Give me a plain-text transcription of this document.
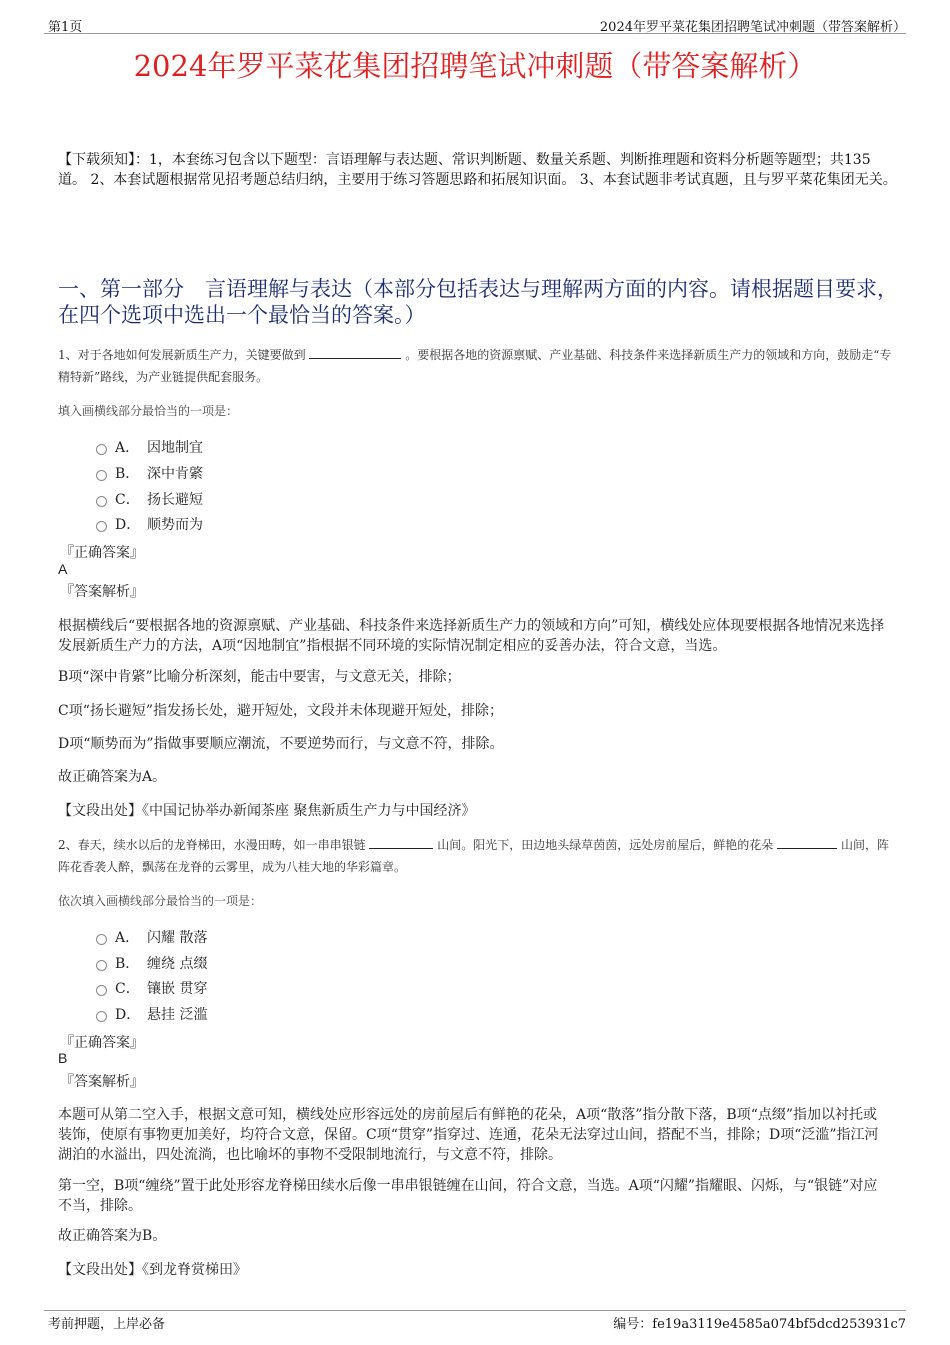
第1页	2024年罗平菜花集团招聘笔试冲刺题（带答案解析）
2024年罗平菜花集团招聘笔试冲刺题（带答案解析）
【下载须知】：1，本套练习包含以下题型：言语理解与表达题、常识判断题、数量关系题、判断推理题和资料分析题等题型；共135道。 2、本套试题根据常见招考题总结归纳，主要用于练习答题思路和拓展知识面。 3、本套试题非考试真题，且与罗平菜花集团无关。
一、第一部分　言语理解与表达（本部分包括表达与理解两方面的内容。请根据题目要求，在四个选项中选出一个最恰当的答案。）
1、对于各地如何发展新质生产力，关键要做到	。要根据各地的资源禀赋、产业基础、科技条件来选择新质生产力的领域和方向，鼓励走“专精特新”路线，为产业链提供配套服务。
填入画横线部分最恰当的一项是：
A． 因地制宜
B． 深中肯綮
C． 扬长避短
D． 顺势而为
『正确答案』
A
『答案解析』
根据横线后“要根据各地的资源禀赋、产业基础、科技条件来选择新质生产力的领域和方向”可知，横线处应体现要根据各地情况来选择发展新质生产力的方法，A项“因地制宜”指根据不同环境的实际情况制定相应的妥善办法，符合文意，当选。
B项“深中肯綮”比喻分析深刻，能击中要害，与文意无关，排除；
C项“扬长避短”指发扬长处，避开短处，文段并未体现避开短处，排除；
D项“顺势而为”指做事要顺应潮流，不要逆势而行，与文意不符，排除。
故正确答案为A。
【文段出处】《中国记协举办新闻茶座 聚焦新质生产力与中国经济》
2、春天，续水以后的龙脊梯田，水漫田畴，如一串串银链	山间。阳光下，田边地头绿草茵茵，远处房前屋后，鲜艳的花朵	山间，阵阵花香袭人醉，飘荡在龙脊的云雾里，成为八桂大地的华彩篇章。
依次填入画横线部分最恰当的一项是：
A． 闪耀 散落
B． 缠绕 点缀
C． 镶嵌 贯穿
D． 悬挂 泛滥
『正确答案』
B
『答案解析』
本题可从第二空入手，根据文意可知，横线处应形容远处的房前屋后有鲜艳的花朵，A项“散落”指分散下落，B项“点缀”指加以衬托或装饰，使原有事物更加美好，均符合文意，保留。C项“贯穿”指穿过、连通，花朵无法穿过山间，搭配不当，排除；D项“泛滥”指江河湖泊的水溢出，四处流淌，也比喻坏的事物不受限制地流行，与文意不符，排除。
第一空，B项“缠绕”置于此处形容龙脊梯田续水后像一串串银链缠在山间，符合文意，当选。A项“闪耀”指耀眼、闪烁，与“银链”对应不当，排除。
故正确答案为B。
【文段出处】《到龙脊赏梯田》
考前押题，上岸必备	编号：fe19a3119e4585a074bf5dcd253931c7
